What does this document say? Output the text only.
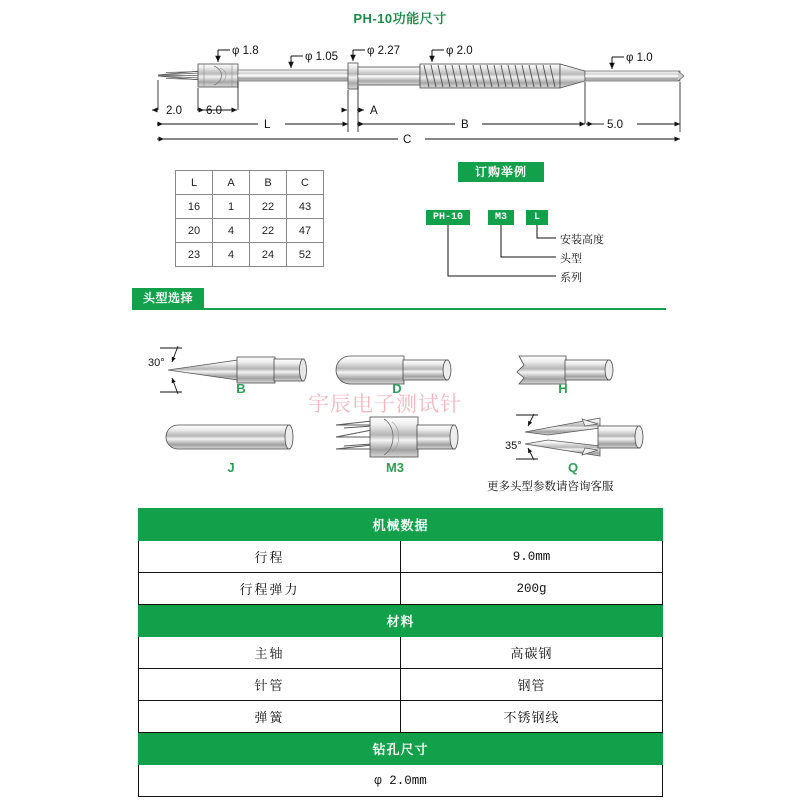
PH-10功能尺寸
φ 1.8	φ 1.05	φ 2.27	φ 2.0
φ 1.0
2.0 6.0	A
L	B	5.0
C
L	A	B	C
16	1	22	43
20	4	22	47
23	4	24	52
订购举例
PH-10	M3	L
安装高度
头型
系列
头型选择
30°
35°
B	D	H
J	M3	Q
更多头型参数请咨询客服
宇辰电子测试针
机械数据	
行程	9.0mm
行程弹力	200g
材料	
主轴	高碳钢
针管	钢管
弹簧	不锈钢线
钻孔尺寸	
φ 2.0mm	
